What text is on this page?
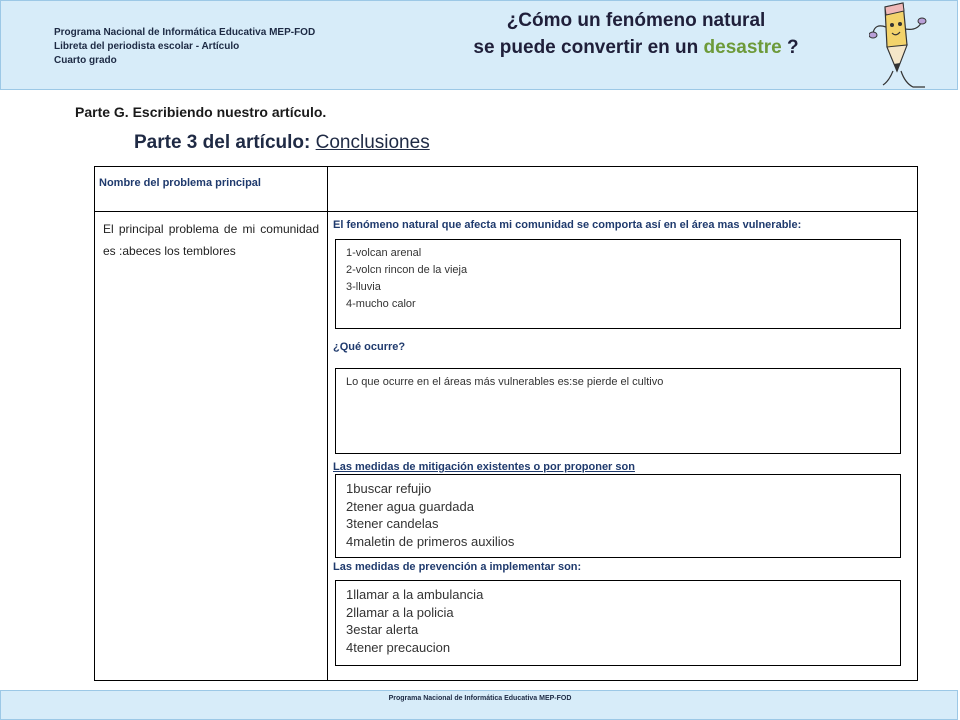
Programa Nacional de Informática Educativa MEP-FOD
Libreta del periodista escolar - Artículo
Cuarto grado
¿Cómo un fenómeno natural
se puede convertir en un desastre ?
Parte G. Escribiendo nuestro artículo.
Parte 3 del artículo: Conclusiones
Nombre del problema principal
El principal problema de mi comunidad es :abeces los temblores
El fenómeno natural que afecta mi comunidad se comporta así en el área mas vulnerable:
1-volcan arenal
2-volcn rincon de la vieja
3-lluvia
4-mucho calor
¿Qué ocurre?
Lo que ocurre en el áreas más vulnerables es:se pierde el cultivo
Las medidas de mitigación existentes o por proponer son
1buscar refujio
2tener agua guardada
3tener candelas
4maletin de primeros auxilios
Las medidas de prevención a implementar son:
1llamar a la ambulancia
2llamar a la policia
3estar alerta
4tener precaucion
Programa Nacional de Informática Educativa MEP-FOD
